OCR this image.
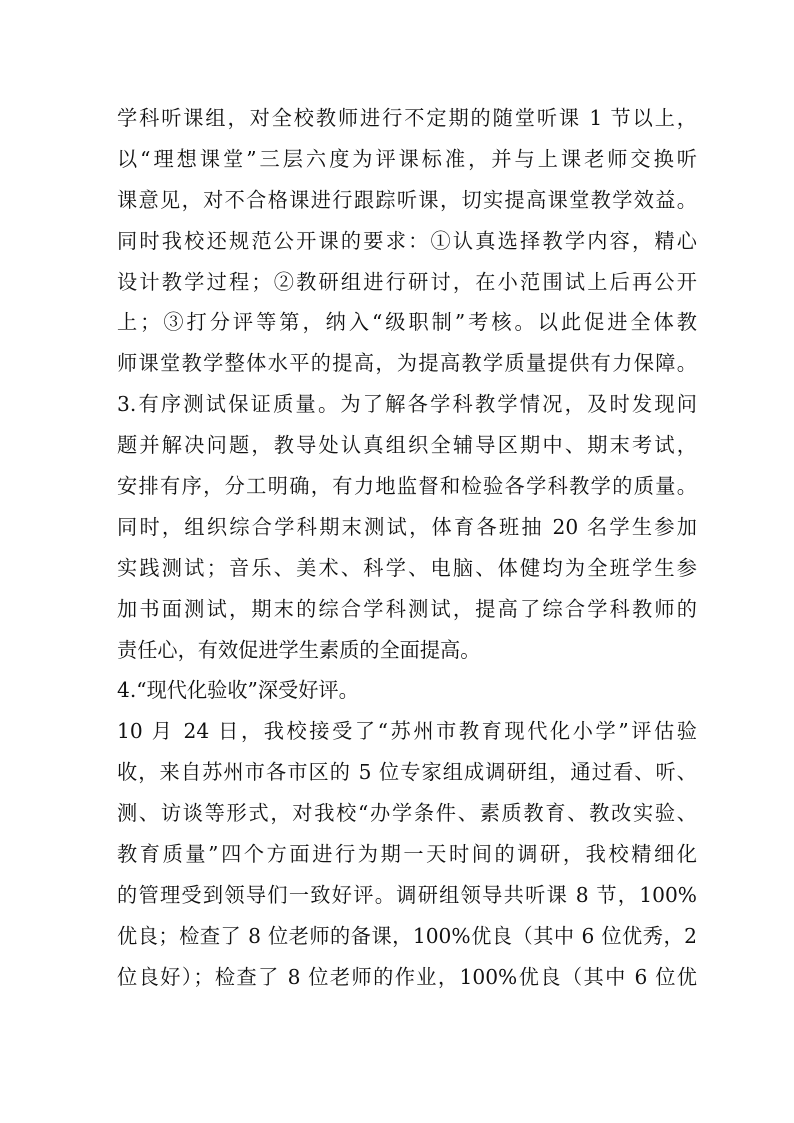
学科听课组，对全校教师进行不定期的随堂听课 1 节以上，
以“理想课堂”三层六度为评课标准，并与上课老师交换听
课意见，对不合格课进行跟踪听课，切实提高课堂教学效益。
同时我校还规范公开课的要求：①认真选择教学内容，精心
设计教学过程；②教研组进行研讨，在小范围试上后再公开
上；③打分评等第，纳入“级职制”考核。以此促进全体教
师课堂教学整体水平的提高，为提高教学质量提供有力保障。
3.有序测试保证质量。为了解各学科教学情况，及时发现问
题并解决问题，教导处认真组织全辅导区期中、期末考试，
安排有序，分工明确，有力地监督和检验各学科教学的质量。
同时，组织综合学科期末测试，体育各班抽 20 名学生参加
实践测试；音乐、美术、科学、电脑、体健均为全班学生参
加书面测试，期末的综合学科测试，提高了综合学科教师的
责任心，有效促进学生素质的全面提高。
4.“现代化验收”深受好评。
10 月 24 日，我校接受了“苏州市教育现代化小学”评估验
收，来自苏州市各市区的 5 位专家组成调研组，通过看、听、
测、访谈等形式，对我校“办学条件、素质教育、教改实验、
教育质量”四个方面进行为期一天时间的调研，我校精细化
的管理受到领导们一致好评。调研组领导共听课 8 节，100%
优良；检查了 8 位老师的备课，100%优良（其中 6 位优秀，2
位良好）；检查了 8 位老师的作业，100%优良（其中 6 位优
